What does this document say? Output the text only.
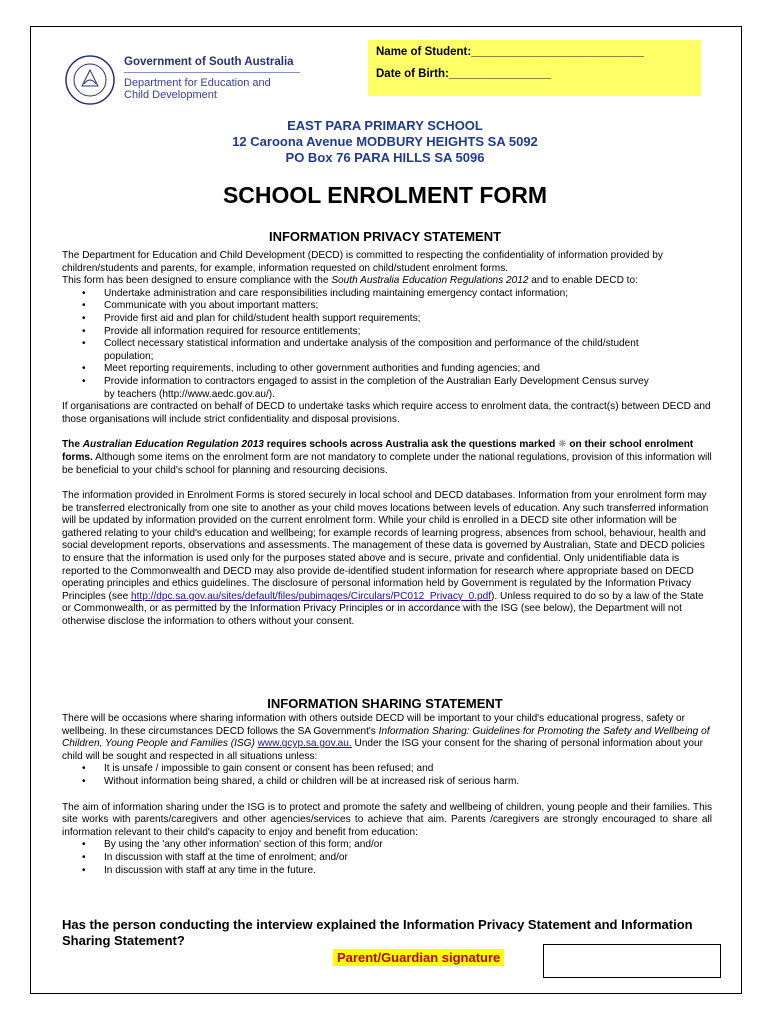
Government of South Australia
Department for Education and
Child Development
Name of Student:___________________________
Date of Birth:________________
EAST PARA PRIMARY SCHOOL
12 Caroona Avenue MODBURY HEIGHTS SA 5092
PO Box 76 PARA HILLS SA 5096
SCHOOL ENROLMENT FORM
INFORMATION PRIVACY STATEMENT

The Department for Education and Child Development (DECD) is committed to respecting the confidentiality of information provided by children/students and parents, for example, information requested on child/student enrolment forms.

This form has been designed to ensure compliance with the South Australia Education Regulations 2012 and to enable DECD to:

• Undertake administration and care responsibilities including maintaining emergency contact information;
• Communicate with you about important matters;
• Provide first aid and plan for child/student health support requirements;
• Provide all information required for resource entitlements;
• Collect necessary statistical information and undertake analysis of the composition and performance of the child/student population;
• Meet reporting requirements, including to other government authorities and funding agencies; and
• Provide information to contractors engaged to assist in the completion of the Australian Early Development Census survey by teachers (http://www.aedc.gov.au/).

If organisations are contracted on behalf of DECD to undertake tasks which require access to enrolment data, the contract(s) between DECD and those organisations will include strict confidentiality and disposal provisions.

The Australian Education Regulation 2013 requires schools across Australia ask the questions marked ❋ on their school enrolment forms. Although some items on the enrolment form are not mandatory to complete under the national regulations, provision of this information will be beneficial to your child's school for planning and resourcing decisions.

The information provided in Enrolment Forms is stored securely in local school and DECD databases. Information from your enrolment form may be transferred electronically from one site to another as your child moves locations between levels of education. Any such transferred information will be updated by information provided on the current enrolment form. While your child is enrolled in a DECD site other information will be gathered relating to your child's education and wellbeing; for example records of learning progress, absences from school, behaviour, health and social development reports, observations and assessments. The management of these data is governed by Australian, State and DECD policies to ensure that the information is used only for the purposes stated above and is secure, private and confidential. Only unidentifiable data is reported to the Commonwealth and DECD may also provide de-identified student information for research where appropriate based on DECD operating principles and ethics guidelines. The disclosure of personal information held by Government is regulated by the Information Privacy Principles (see http://dpc.sa.gov.au/sites/default/files/pubimages/Circulars/PC012_Privacy_0.pdf). Unless required to do so by a law of the State or Commonwealth, or as permitted by the Information Privacy Principles or in accordance with the ISG (see below), the Department will not otherwise disclose the information to others without your consent.

INFORMATION SHARING STATEMENT

There will be occasions where sharing information with others outside DECD will be important to your child's educational progress, safety or wellbeing. In these circumstances DECD follows the SA Government's Information Sharing: Guidelines for Promoting the Safety and Wellbeing of Children, Young People and Families (ISG) www.gcyp.sa.gov.au. Under the ISG your consent for the sharing of personal information about your child will be sought and respected in all situations unless:

• It is unsafe / impossible to gain consent or consent has been refused; and
• Without information being shared, a child or children will be at increased risk of serious harm.

The aim of information sharing under the ISG is to protect and promote the safety and wellbeing of children, young people and their families. This site works with parents/caregivers and other agencies/services to achieve that aim. Parents /caregivers are strongly encouraged to share all information relevant to their child's capacity to enjoy and benefit from education:

• By using the 'any other information' section of this form; and/or
• In discussion with staff at the time of enrolment; and/or
• In discussion with staff at any time in the future.
Has the person conducting the interview explained the Information Privacy Statement and Information Sharing Statement?
Parent/Guardian signature
